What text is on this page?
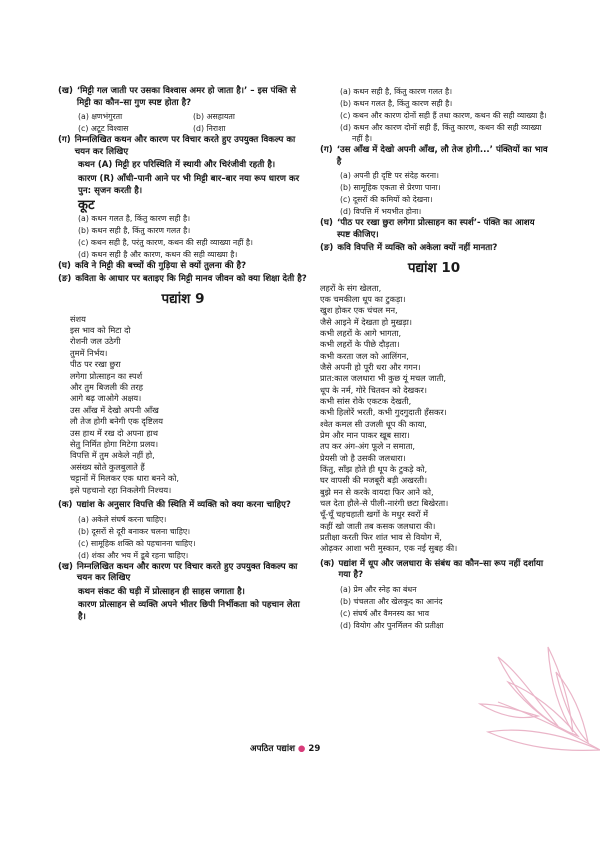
(ख) ‘मिट्टी गल जाती पर उसका विश्वास अमर हो जाता है।’ – इस पंक्ति से मिट्टी का कौन–सा गुण स्पष्ट होता है?
(a) क्षणभंगुरता	(b) असहायता
(c) अटूट विश्वास	(d) निराशा
(ग) निम्नलिखित कथन और कारण पर विचार करते हुए उपयुक्त विकल्प का चयन कर लिखिए
कथन (A) मिट्टी हर परिस्थिति में स्थायी और चिरंजीवी रहती है।
कारण (R) आँधी–पानी आने पर भी मिट्टी बार–बार नया रूप धारण कर पुन: सृजन करती है।
कूट
(a) कथन गलत है, किंतु कारण सही है।
(b) कथन सही है, किंतु कारण गलत है।
(c) कथन सही है, परंतु कारण, कथन की सही व्याख्या नहीं है।
(d) कथन सही है और कारण, कथन की सही व्याख्या है।
(घ) कवि ने मिट्टी की बच्चों की गुड़िया से क्यों तुलना की है?
(ङ) कविता के आधार पर बताइए कि मिट्टी मानव जीवन को क्या शिक्षा देती है?
पद्यांश 9
संशय
इस भाव को मिटा दो
रोशनी जल उठेगी
तुममें निर्भय।
पीठ पर रखा छुरा
लगेगा प्रोत्साहन का स्पर्श
और तुम बिजली की तरह
आगे बढ़ जाओगे अक्षय।
उस आँख में देखो अपनी आँख
लौ तेज होगी बनेगी एक दृष्टिलय
उस हाथ में रख दो अपना हाथ
सेतु निर्मित होगा मिटेगा प्रलय।
विपत्ति में तुम अकेले नहीं हो,
असंख्य स्रोते कुलबुलाते हैं
चट्टानों में मिलकर एक धारा बनने को,
इसे पहचानो रहा निकलेगी निश्चय।
(क) पद्यांश के अनुसार विपत्ति की स्थिति में व्यक्ति को क्या करना चाहिए?
(a) अकेले संघर्ष करना चाहिए।
(b) दूसरों से दूरी बनाकर चलना चाहिए।
(c) सामूहिक शक्ति को पहचानना चाहिए।
(d) शंका और भय में डूबे रहना चाहिए।
(ख) निम्नलिखित कथन और कारण पर विचार करते हुए उपयुक्त विकल्प का चयन कर लिखिए
कथन संकट की घड़ी में प्रोत्साहन ही साहस जगाता है।
कारण प्रोत्साहन से व्यक्ति अपने भीतर छिपी निर्भीकता को पहचान लेता है।
(a) कथन सही है, किंतु कारण गलत है।
(b) कथन गलत है, किंतु कारण सही है।
(c) कथन और कारण दोनों सही हैं तथा कारण, कथन की सही व्याख्या है।
(d) कथन और कारण दोनों सही हैं, किंतु कारण, कथन की सही व्याख्या नहीं है।
(ग) ‘उस आँख में देखो अपनी आँख, लौ तेज होगी...’ पंक्तियों का भाव है
(a) अपनी ही दृष्टि पर संदेह करना।
(b) सामूहिक एकता से प्रेरणा पाना।
(c) दूसरों की कमियों को देखना।
(d) विपत्ति में भयभीत होना।
(घ) ‘पीठ पर रखा छुरा लगेगा प्रोत्साहन का स्पर्श’- पंक्ति का आशय स्पष्ट कीजिए।
(ङ) कवि विपत्ति में व्यक्ति को अकेला क्यों नहीं मानता?
पद्यांश 10
लहरों के संग खेलता,
एक चमकीला धूप का टुकड़ा।
खुश होकर एक चंचल मन,
जैसे आइने में देखता हो मुखड़ा।
कभी लहरों के आगे भागता,
कभी लहरों के पीछे दौड़ता।
कभी करता जल को आलिंगन,
जैसे अपनी हो पूरी धरा और गगन।
प्रात:काल जलधारा भी कुछ यूं मचल जाती,
धूप के नर्म, गोरे चितवन को देखकर।
कभी सांस रोके एकटक देखती,
कभी हिलोरें भरती, कभी गुदगुदाती हँसकर।
श्वेत कमल सी उजली धूप की काया,
प्रेम और मान पाकर खूब सारा।
तप कर अंग-अंग फूले न समाता,
प्रेयसी जो है उसकी जलधारा।
किंतु, साँझ होते ही धूप के टुकड़े को,
घर वापसी की मजबूरी बड़ी अखरती।
बुझे मन से करके वायदा फिर आने को,
चल देता हौले-से पीली-नारंगी छटा बिखेरता।
चूँ-चूँ चहचहाती खगों के मधुर स्वरों में
कहीं खो जाती तब कसक जलधारा की।
प्रतीक्षा करती फिर शांत भाव से वियोग में,
ओढ़कर आशा भरी मुस्कान, एक नई सुबह की।
(क) पद्यांश में धूप और जलधारा के संबंध का कौन–सा रूप नहीं दर्शाया गया है?
(a) प्रेम और स्नेह का बंधन
(b) चंचलता और खेलकूद का आनंद
(c) संघर्ष और वैमनस्य का भाव
(d) वियोग और पुनर्मिलन की प्रतीक्षा
अपठित पद्यांश ● 29
